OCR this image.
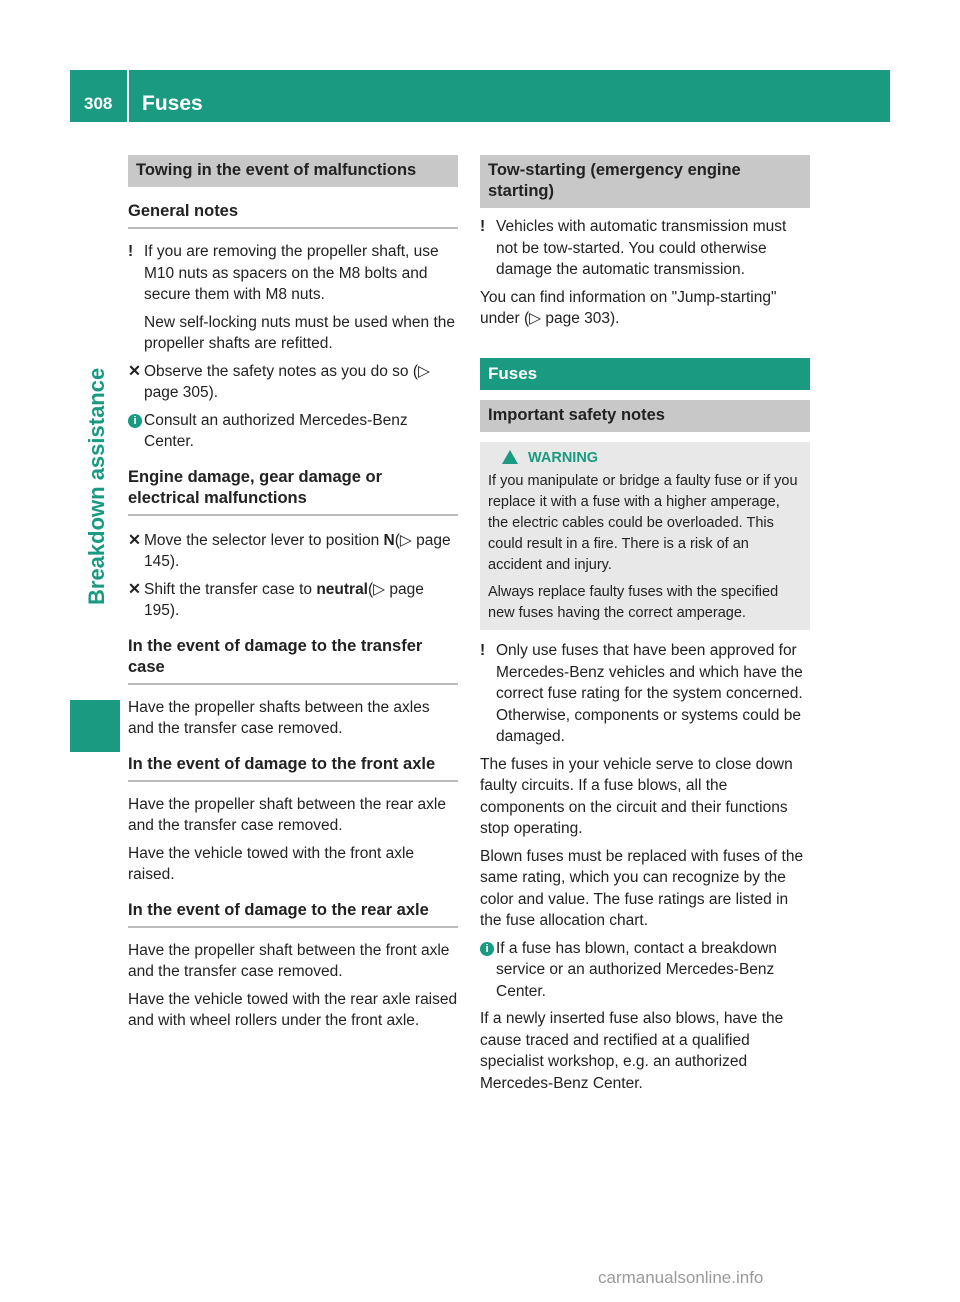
308 Fuses
Breakdown assistance
Towing in the event of malfunctions
General notes
! If you are removing the propeller shaft, use M10 nuts as spacers on the M8 bolts and secure them with M8 nuts.
New self-locking nuts must be used when the propeller shafts are refitted.
✕ Observe the safety notes as you do so (▷ page 305).
i Consult an authorized Mercedes-Benz Center.
Engine damage, gear damage or electrical malfunctions
✕ Move the selector lever to position N(▷ page 145).
✕ Shift the transfer case to neutral(▷ page 195).
In the event of damage to the transfer case

Have the propeller shafts between the axles and the transfer case removed.

In the event of damage to the front axle

Have the propeller shaft between the rear axle and the transfer case removed.

Have the vehicle towed with the front axle raised.

In the event of damage to the rear axle

Have the propeller shaft between the front axle and the transfer case removed.

Have the vehicle towed with the rear axle raised and with wheel rollers under the front axle.

Tow-starting (emergency engine starting)
! Vehicles with automatic transmission must not be tow-started. You could otherwise damage the automatic transmission.

You can find information on "Jump-starting" under (▷ page 303).

Fuses
Important safety notes
WARNING

If you manipulate or bridge a faulty fuse or if you replace it with a fuse with a higher amperage, the electric cables could be overloaded. This could result in a fire. There is a risk of an accident and injury.

Always replace faulty fuses with the specified new fuses having the correct amperage.

! Only use fuses that have been approved for Mercedes-Benz vehicles and which have the correct fuse rating for the system concerned. Otherwise, components or systems could be damaged.

The fuses in your vehicle serve to close down faulty circuits. If a fuse blows, all the components on the circuit and their functions stop operating.

Blown fuses must be replaced with fuses of the same rating, which you can recognize by the color and value. The fuse ratings are listed in the fuse allocation chart.

i If a fuse has blown, contact a breakdown service or an authorized Mercedes-Benz Center.

If a newly inserted fuse also blows, have the cause traced and rectified at a qualified specialist workshop, e.g. an authorized Mercedes-Benz Center.

carmanualsonline.info
